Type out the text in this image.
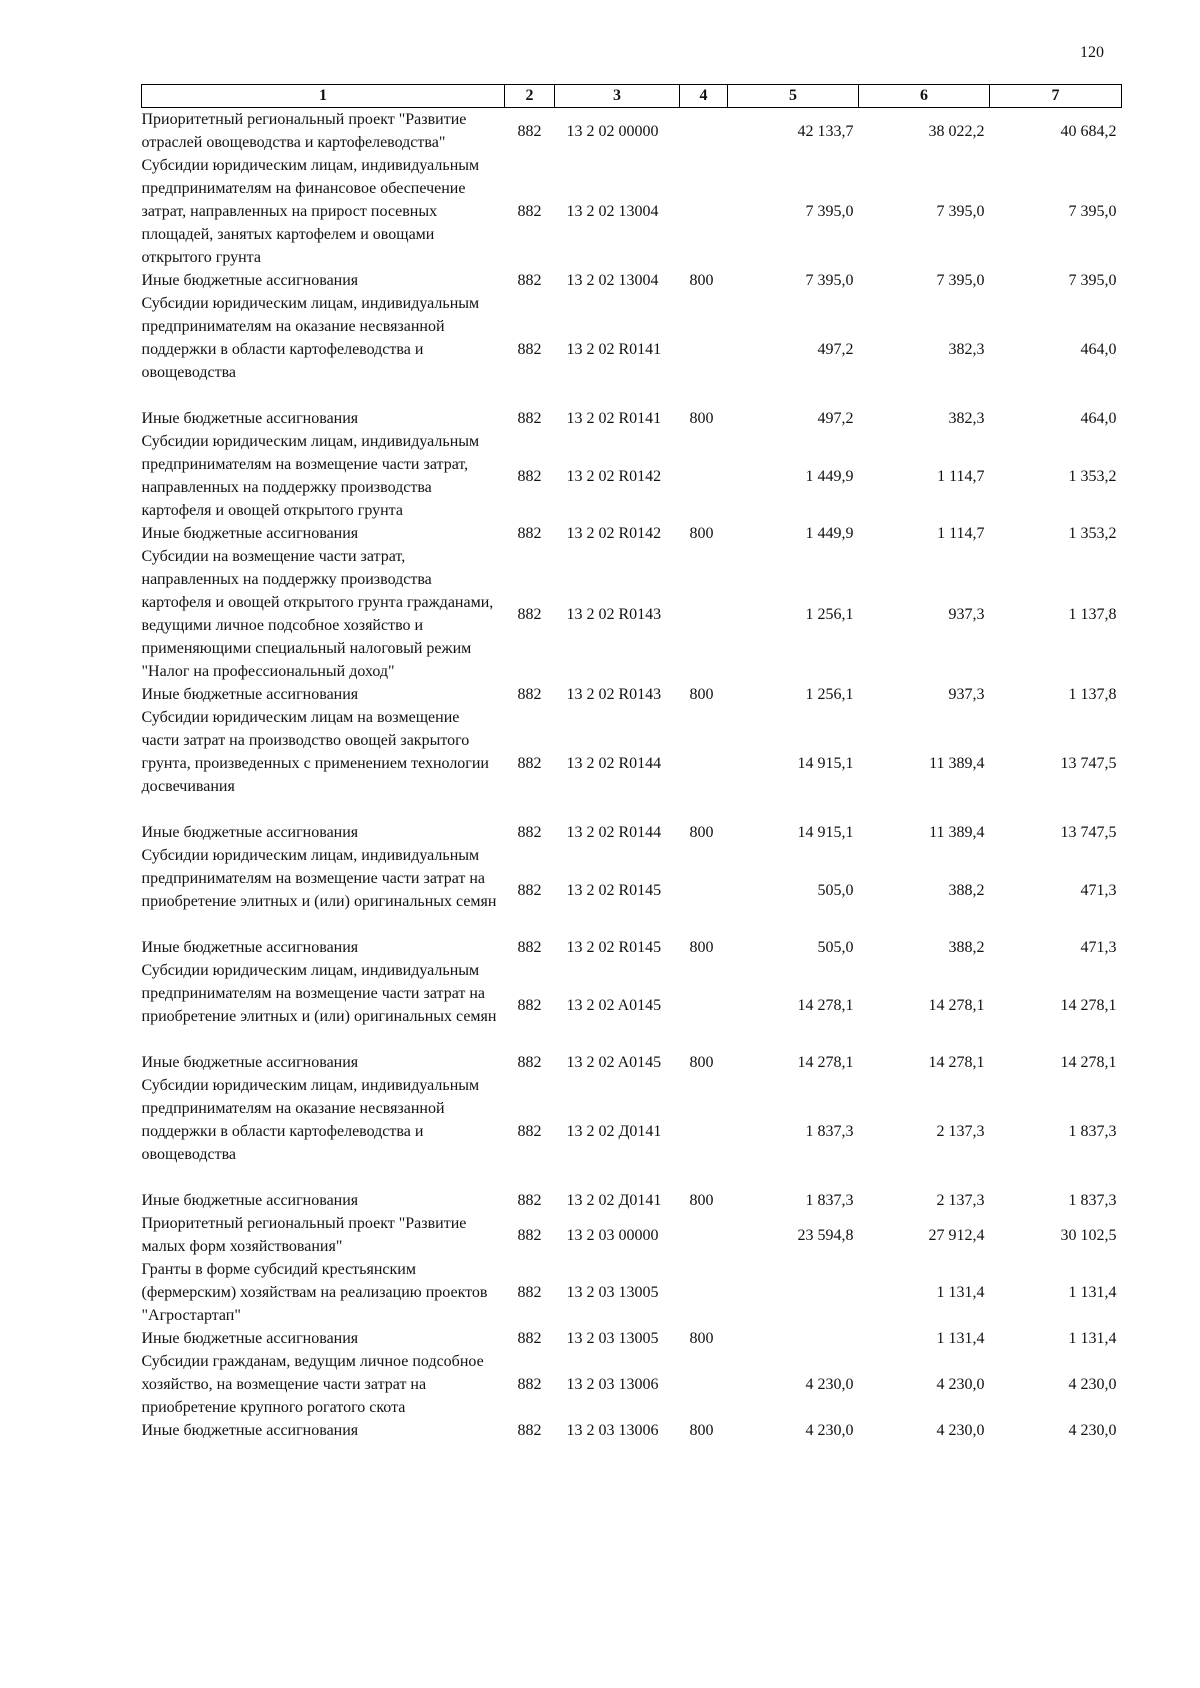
120
1	2	3	4	5	6	7
Приоритетный региональный проект "Развитие отраслей овощеводства и картофелеводства"	882	13 2 02 00000		42 133,7	38 022,2	40 684,2
Субсидии юридическим лицам, индивидуальным предпринимателям на финансовое обеспечение затрат, направленных на прирост посевных площадей, занятых картофелем и овощами открытого грунта	882	13 2 02 13004		7 395,0	7 395,0	7 395,0
Иные бюджетные ассигнования	882	13 2 02 13004	800	7 395,0	7 395,0	7 395,0
Субсидии юридическим лицам, индивидуальным предпринимателям на оказание несвязанной поддержки в области картофелеводства и овощеводства	882	13 2 02 R0141		497,2	382,3	464,0
Иные бюджетные ассигнования	882	13 2 02 R0141	800	497,2	382,3	464,0
Субсидии юридическим лицам, индивидуальным предпринимателям на возмещение части затрат, направленных на поддержку производства картофеля и овощей открытого грунта	882	13 2 02 R0142		1 449,9	1 114,7	1 353,2
Иные бюджетные ассигнования	882	13 2 02 R0142	800	1 449,9	1 114,7	1 353,2
Субсидии на возмещение части затрат, направленных на поддержку производства картофеля и овощей открытого грунта гражданами, ведущими личное подсобное хозяйство и применяющими специальный налоговый режим "Налог на профессиональный доход"	882	13 2 02 R0143		1 256,1	937,3	1 137,8
Иные бюджетные ассигнования	882	13 2 02 R0143	800	1 256,1	937,3	1 137,8
Субсидии юридическим лицам на возмещение части затрат на производство овощей закрытого грунта, произведенных с применением технологии досвечивания	882	13 2 02 R0144		14 915,1	11 389,4	13 747,5
Иные бюджетные ассигнования	882	13 2 02 R0144	800	14 915,1	11 389,4	13 747,5
Субсидии юридическим лицам, индивидуальным предпринимателям на возмещение части затрат на приобретение элитных и (или) оригинальных семян	882	13 2 02 R0145		505,0	388,2	471,3
Иные бюджетные ассигнования	882	13 2 02 R0145	800	505,0	388,2	471,3
Субсидии юридическим лицам, индивидуальным предпринимателям на возмещение части затрат на приобретение элитных и (или) оригинальных семян	882	13 2 02 A0145		14 278,1	14 278,1	14 278,1
Иные бюджетные ассигнования	882	13 2 02 A0145	800	14 278,1	14 278,1	14 278,1
Субсидии юридическим лицам, индивидуальным предпринимателям на оказание несвязанной поддержки в области картофелеводства и овощеводства	882	13 2 02 Д0141		1 837,3	2 137,3	1 837,3
Иные бюджетные ассигнования	882	13 2 02 Д0141	800	1 837,3	2 137,3	1 837,3
Приоритетный региональный проект "Развитие малых форм хозяйствования"	882	13 2 03 00000		23 594,8	27 912,4	30 102,5
Гранты в форме субсидий крестьянским (фермерским) хозяйствам на реализацию проектов "Агростартап"	882	13 2 03 13005			1 131,4	1 131,4
Иные бюджетные ассигнования	882	13 2 03 13005	800		1 131,4	1 131,4
Субсидии гражданам, ведущим личное подсобное хозяйство, на возмещение части затрат на приобретение крупного рогатого скота	882	13 2 03 13006		4 230,0	4 230,0	4 230,0
Иные бюджетные ассигнования	882	13 2 03 13006	800	4 230,0	4 230,0	4 230,0
